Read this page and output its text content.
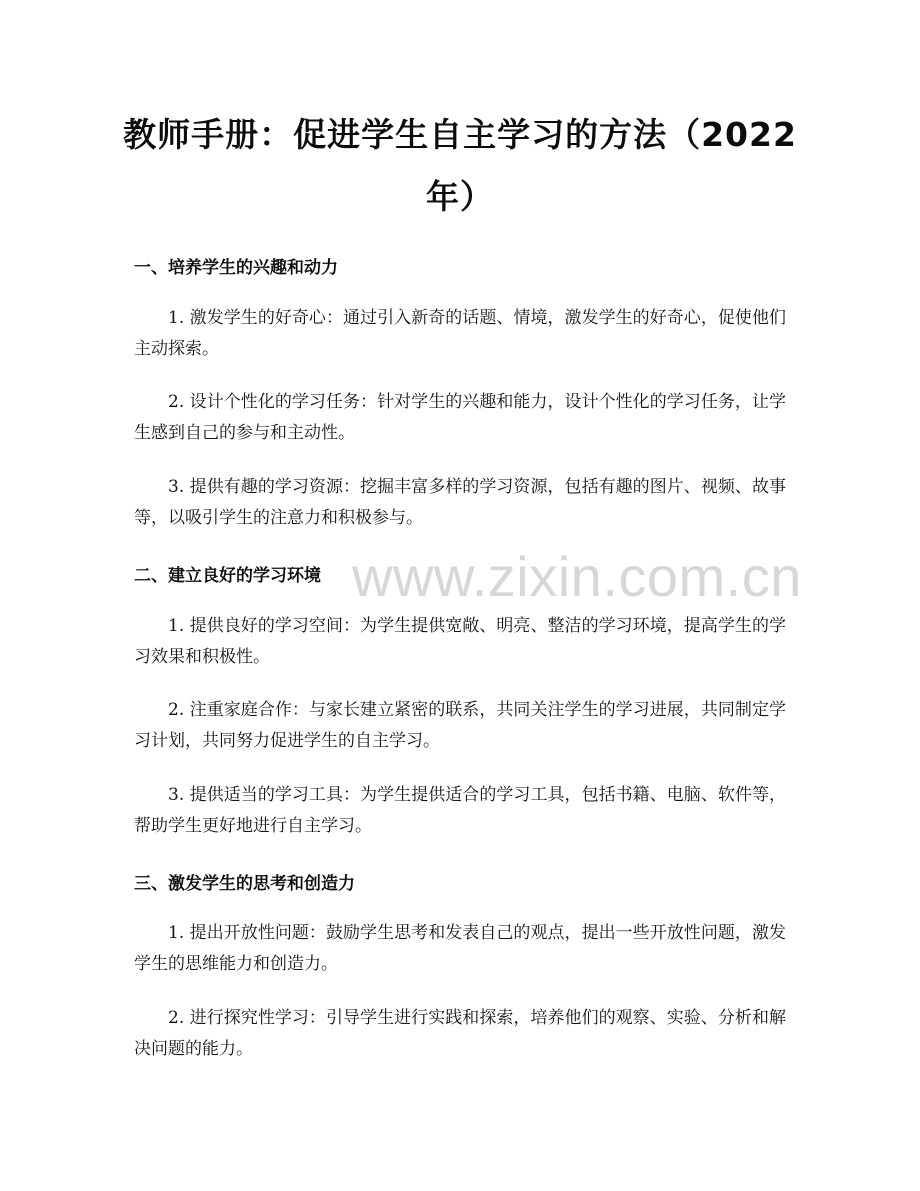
教师手册：促进学生自主学习的方法（2022年）
一、培养学生的兴趣和动力

1. 激发学生的好奇心：通过引入新奇的话题、情境，激发学生的好奇心，促使他们主动探索。

2. 设计个性化的学习任务：针对学生的兴趣和能力，设计个性化的学习任务，让学生感到自己的参与和主动性。

3. 提供有趣的学习资源：挖掘丰富多样的学习资源，包括有趣的图片、视频、故事等，以吸引学生的注意力和积极参与。

二、建立良好的学习环境

1. 提供良好的学习空间：为学生提供宽敞、明亮、整洁的学习环境，提高学生的学习效果和积极性。

2. 注重家庭合作：与家长建立紧密的联系，共同关注学生的学习进展，共同制定学习计划，共同努力促进学生的自主学习。

3. 提供适当的学习工具：为学生提供适合的学习工具，包括书籍、电脑、软件等，帮助学生更好地进行自主学习。

三、激发学生的思考和创造力

1. 提出开放性问题：鼓励学生思考和发表自己的观点，提出一些开放性问题，激发学生的思维能力和创造力。

2. 进行探究性学习：引导学生进行实践和探索，培养他们的观察、实验、分析和解决问题的能力。

www.zixin.com.cn
